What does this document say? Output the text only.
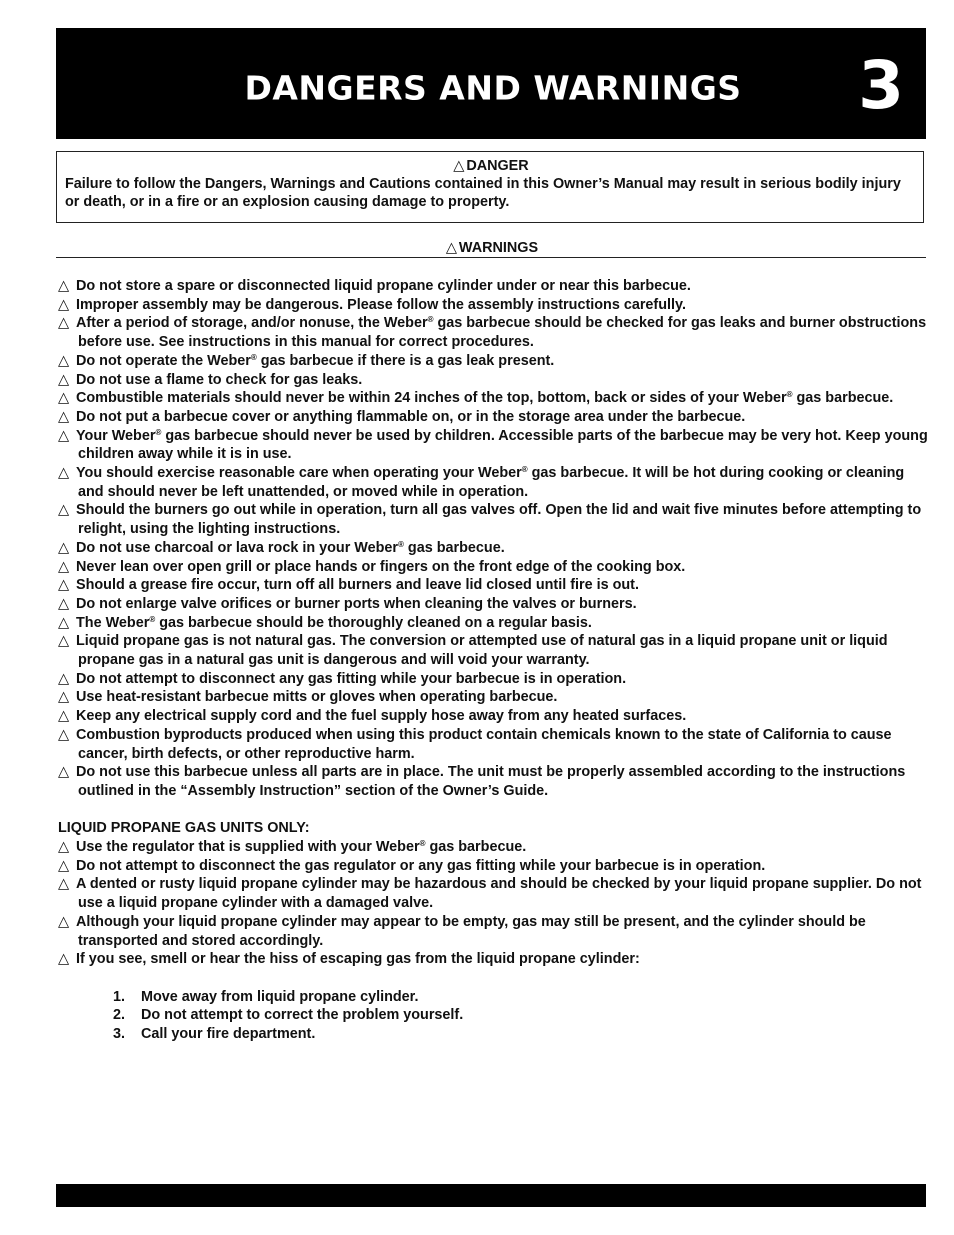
DANGERS AND WARNINGS	3
△ DANGER
Failure to follow the Dangers, Warnings and Cautions contained in this Owner’s Manual may result in serious bodily injury or death, or in a fire or an explosion causing damage to property.
△ WARNINGS
△ Do not store a spare or disconnected liquid propane cylinder under or near this barbecue.
△ Improper assembly may be dangerous. Please follow the assembly instructions carefully.
△ After a period of storage, and/or nonuse, the Weber® gas barbecue should be checked for gas leaks and burner obstructions before use. See instructions in this manual for correct procedures.
△ Do not operate the Weber® gas barbecue if there is a gas leak present.
△ Do not use a flame to check for gas leaks.
△ Combustible materials should never be within 24 inches of the top, bottom, back or sides of your Weber® gas barbecue.
△ Do not put a barbecue cover or anything flammable on, or in the storage area under the barbecue.
△ Your Weber® gas barbecue should never be used by children. Accessible parts of the barbecue may be very hot. Keep young children away while it is in use.
△ You should exercise reasonable care when operating your Weber® gas barbecue. It will be hot during cooking or cleaning and should never be left unattended, or moved while in operation.
△ Should the burners go out while in operation, turn all gas valves off. Open the lid and wait five minutes before attempting to relight, using the lighting instructions.
△ Do not use charcoal or lava rock in your Weber® gas barbecue.
△ Never lean over open grill or place hands or fingers on the front edge of the cooking box.
△ Should a grease fire occur, turn off all burners and leave lid closed until fire is out.
△ Do not enlarge valve orifices or burner ports when cleaning the valves or burners.
△ The Weber® gas barbecue should be thoroughly cleaned on a regular basis.
△ Liquid propane gas is not natural gas. The conversion or attempted use of natural gas in a liquid propane unit or liquid propane gas in a natural gas unit is dangerous and will void your warranty.
△ Do not attempt to disconnect any gas fitting while your barbecue is in operation.
△ Use heat-resistant barbecue mitts or gloves when operating barbecue.
△ Keep any electrical supply cord and the fuel supply hose away from any heated surfaces.
△ Combustion byproducts produced when using this product contain chemicals known to the state of California to cause cancer, birth defects, or other reproductive harm.
△ Do not use this barbecue unless all parts are in place. The unit must be properly assembled according to the instructions outlined in the “Assembly Instruction” section of the Owner’s Guide.
LIQUID PROPANE GAS UNITS ONLY:
△ Use the regulator that is supplied with your Weber® gas barbecue.
△ Do not attempt to disconnect the gas regulator or any gas fitting while your barbecue is in operation.
△ A dented or rusty liquid propane cylinder may be hazardous and should be checked by your liquid propane supplier. Do not use a liquid propane cylinder with a damaged valve.
△ Although your liquid propane cylinder may appear to be empty, gas may still be present, and the cylinder should be transported and stored accordingly.
△ If you see, smell or hear the hiss of escaping gas from the liquid propane cylinder:
1. Move away from liquid propane cylinder.
2. Do not attempt to correct the problem yourself.
3. Call your fire department.
